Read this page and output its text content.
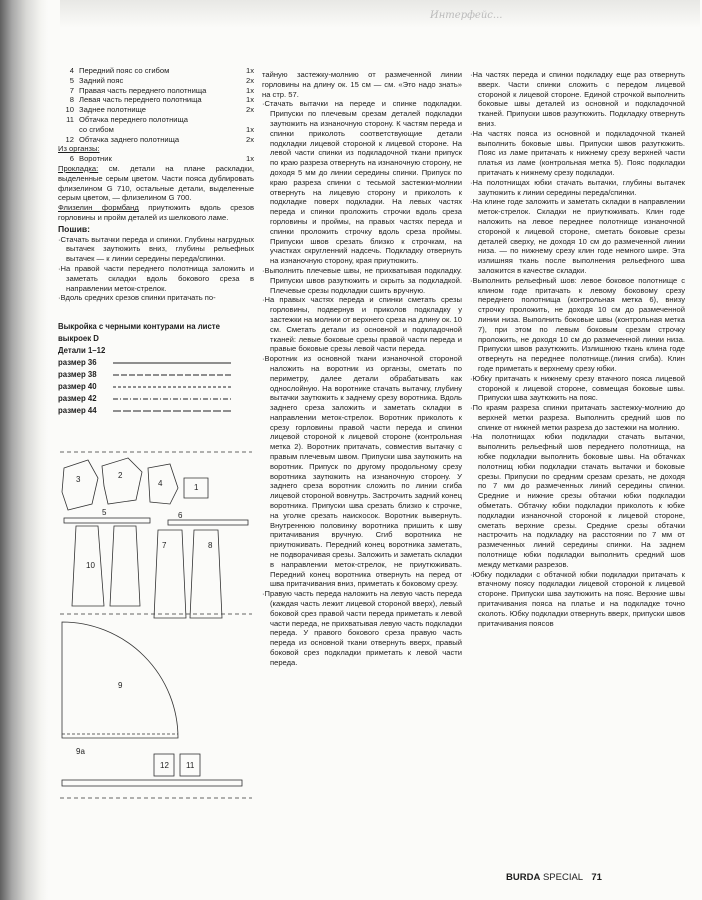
Интерфейс...
4 Передний пояс со сгибом	1x
5 Задний пояс	2x
7 Правая часть переднего полотнища	1x
8 Левая часть переднего полотнища	1x
10 Заднее полотнище	2x
11 Обтачка переднего полотнища
со сгибом	1x
12 Обтачка заднего полотнища	2x
Из органзы:
6 Воротник	1x

Прокладка: см. детали на плане раскладки, выделенные серым цветом. Части пояса дублировать флизелином G 710, остальные детали, выделенные серым цветом, — флизелином G 700.

Флизелин формбанд приутюжить вдоль срезов горловины и пройм деталей из шелкового ламе.

Пошив:

·Стачать вытачки переда и спинки. Глубины нагрудных вытачек заутюжить вниз, глубины рельефных вытачек — к линии середины переда/спинки.

·На правой части переднего полотнища заложить и заметать складки вдоль бокового среза в направлении меток-стрелок.

·Вдоль средних срезов спинки притачать по-

Выкройка с черными контурами на листе выкроек D
Детали 1–12
размер 36
размер 38
размер 40
размер 42
размер 44
3	2
4	1
5	6
7	8
10
9
9а
12 11

тайную застежку-молнию от размеченной линии горловины на длину ок. 15 см — см. «Это надо знать» на стр. 57.

·Стачать вытачки на переде и спинке подкладки. Припуски по плечевым срезам деталей подкладки заутюжить на изнаночную сторону. К частям переда и спинки приколоть соответствующие детали подкладки лицевой стороной к лицевой стороне. На левой части спинки из подкладочной ткани припуск по краю разреза отвернуть на изнаночную сторону, не доходя 5 мм до линии середины спинки. Припуск по краю разреза спинки с тесьмой застежки-молнии отвернуть на лицевую сторону и приколоть к подкладке поверх подкладки. На левых частях переда и спинки проложить строчки вдоль среза горловины и проймы, на правых частях переда и спинки проложить строчку вдоль среза проймы. Припуски швов срезать близко к строчкам, на участках скругленний надсечь. Подкладку отвернуть на изнаночную сторону, края приутюжить.

·Выполнить плечевые швы, не прихватывая подкладку. Припуски швов разутюжить и скрыть за подкладкой. Плечевые срезы подкладки сшить вручную.

·На правых частях переда и спинки сметать срезы горловины, подвернув и приколов подкладку у застежки на молнии от верхнего среза на длину ок. 10 см. Сметать детали из основной и подкладочной тканей: левые боковые срезы правой части переда и правые боковые срезы левой части переда.

·Воротник из основной ткани изнаночной стороной наложить на воротник из органзы, сметать по периметру, далее детали обрабатывать как однослойную. На воротнике стачать вытачку, глубину вытачки заутюжить к заднему срезу воротника. Вдоль заднего среза заложить и заметать складки в направлении меток-стрелок. Воротник приколоть к срезу горловины правой части переда и спинки лицевой стороной к лицевой стороне (контрольная метка 2). Воротник притачать, совместив вытачку с правым плечевым швом. Припуски шва заутюжить на воротник. Припуск по другому продольному срезу воротника заутюжить на изнаночную сторону. У заднего среза воротник сложить по линии сгиба лицевой стороной вовнутрь. Застрочить задний конец воротника. Припуски шва срезать близко к строчке, на уголке срезать наискосок. Воротник вывернуть. Внутреннюю половинку воротника пришить к шву притачивания вручную. Сгиб воротника не приутюживать. Передний конец воротника заметать, не подворачивая срезы. Заложить и заметать складки в направлении меток-стрелок, не приутюживать. Передний конец воротника отвернуть на перед от шва притачивания вниз, приметать к боковому срезу.

·Правую часть переда наложить на левую часть переда (каждая часть лежит лицевой стороной вверх), левый боковой срез правой части переда приметать к левой части переда, не прихватывая левую часть подкладки переда. У правого бокового среза правую часть переда из основной ткани отвернуть вверх, правый боковой срез подкладки приметать к левой части переда.

·На частях переда и спинки подкладку еще раз отвернуть вверх. Части спинки сложить с передом лицевой стороной к лицевой стороне. Единой строчкой выполнить боковые швы деталей из основной и подкладочной тканей. Припуски швов разутюжить. Подкладку отвернуть вниз.

·На частях пояса из основной и подкладочной тканей выполнить боковые швы. Припуски швов разутюжить. Пояс из ламе притачать к нижнему срезу верхней части платья из ламе (контрольная метка 5). Пояс подкладки притачать к нижнему срезу подкладки.

·На полотнищах юбки стачать вытачки, глубины вытачек заутюжить к линии середины переда/спинки.

·На клине годе заложить и заметать складки в направлении меток-стрелок. Складки не приутюживать. Клин годе наложить на левое переднее полотнище изнаночной стороной к лицевой стороне, сметать боковые срезы деталей сверху, не доходя 10 см до размеченной линии низа. — по нижнему срезу клин годе немного шире. Эта излишняя ткань после выполнения рельефного шва заложится в качестве складки.

·Выполнить рельефный шов: левое боковое полотнище с клином годе притачать к левому боковому срезу переднего полотнища (контрольная метка 6), внизу строчку проложить, не доходя 10 см до размеченной линии низа. Выполнить боковые швы (контрольная метка 7), при этом по левым боковым срезам строчку проложить, не доходя 10 см до размеченной линии низа. Припуски швов разутюжить. Излишнюю ткань клина годе отвернуть на переднее полотнище.(линия сгиба). Клин годе приметать к верхнему срезу юбки.

·Юбку притачать к нижнему срезу втачного пояса лицевой стороной к лицевой стороне, совмещая боковые швы. Припуски шва заутюжить на пояс.

·По краям разреза спинки притачать застежку-молнию до верхней метки разреза. Выполнить средний шов по спинке от нижней метки разреза до застежки на молнию.

·На полотнищах юбки подкладки стачать вытачки, выполнить рельефный шов переднего полотнища, на юбке подкладки выполнить боковые швы. На обтачках полотнищ юбки подкладки стачать вытачки и боковые срезы. Припуски по средним срезам срезать, не доходя по 7 мм до размеченных линий середины спинки. Средние и нижние срезы обтачки юбки подкладки обметать. Обтачку юбки подкладки приколоть к юбке подкладки изнаночной стороной к лицевой стороне, сметать верхние срезы. Средние срезы обтачки настрочить на подкладку на расстоянии по 7 мм от размеченных линий середины спинки. На заднем полотнище юбки подкладки выполнить средний шов между метками разрезов.

·Юбку подкладки с обтачкой юбки подкладки притачать к втачному поясу подкладки лицевой стороной к лицевой стороне. Припуски шва заутюжить на пояс. Верхние швы притачивания пояса на платье и на подкладке точно сколоть. Юбку подкладки отвернуть вверх, припуски швов притачивания поясов

BURDA SPECIAL 71
